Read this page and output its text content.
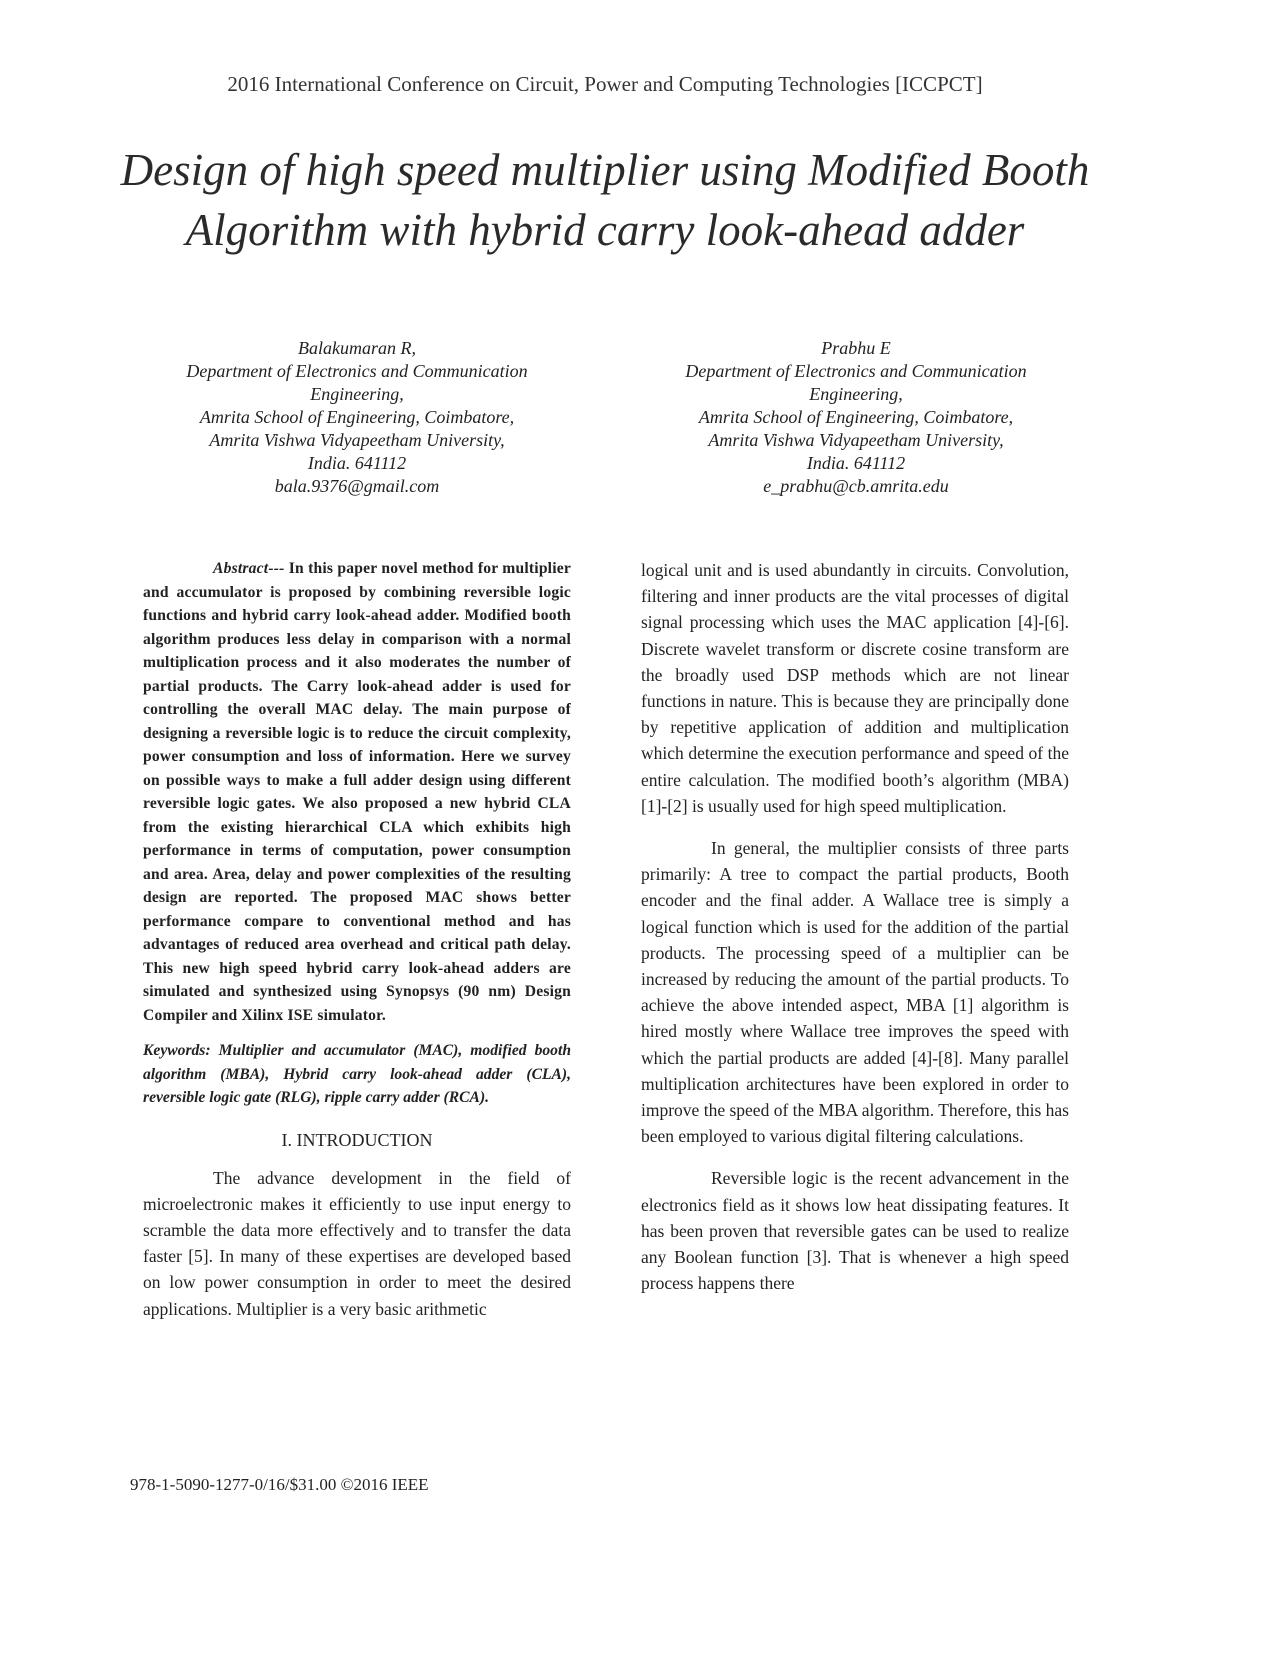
2016 International Conference on Circuit, Power and Computing Technologies [ICCPCT]
Design of high speed multiplier using Modified Booth Algorithm with hybrid carry look-ahead adder
Balakumaran R,
Department of Electronics and Communication
Engineering,
Amrita School of Engineering, Coimbatore,
Amrita Vishwa Vidyapeetham University,
India. 641112
bala.9376@gmail.com
Prabhu E
Department of Electronics and Communication
Engineering,
Amrita School of Engineering, Coimbatore,
Amrita Vishwa Vidyapeetham University,
India. 641112
e_prabhu@cb.amrita.edu

Abstract--- In this paper novel method for multiplier and accumulator is proposed by combining reversible logic functions and hybrid carry look-ahead adder. Modified booth algorithm produces less delay in comparison with a normal multiplication process and it also moderates the number of partial products. The Carry look-ahead adder is used for controlling the overall MAC delay. The main purpose of designing a reversible logic is to reduce the circuit complexity, power consumption and loss of information. Here we survey on possible ways to make a full adder design using different reversible logic gates. We also proposed a new hybrid CLA from the existing hierarchical CLA which exhibits high performance in terms of computation, power consumption and area. Area, delay and power complexities of the resulting design are reported. The proposed MAC shows better performance compare to conventional method and has advantages of reduced area overhead and critical path delay. This new high speed hybrid carry look-ahead adders are simulated and synthesized using Synopsys (90 nm) Design Compiler and Xilinx ISE simulator.

Keywords: Multiplier and accumulator (MAC), modified booth algorithm (MBA), Hybrid carry look-ahead adder (CLA), reversible logic gate (RLG), ripple carry adder (RCA).

I. INTRODUCTION

The advance development in the field of microelectronic makes it efficiently to use input energy to scramble the data more effectively and to transfer the data faster [5]. In many of these expertises are developed based on low power consumption in order to meet the desired applications. Multiplier is a very basic arithmetic

logical unit and is used abundantly in circuits. Convolution, filtering and inner products are the vital processes of digital signal processing which uses the MAC application [4]-[6]. Discrete wavelet transform or discrete cosine transform are the broadly used DSP methods which are not linear functions in nature. This is because they are principally done by repetitive application of addition and multiplication which determine the execution performance and speed of the entire calculation. The modified booth’s algorithm (MBA) [1]-[2] is usually used for high speed multiplication.

In general, the multiplier consists of three parts primarily: A tree to compact the partial products, Booth encoder and the final adder. A Wallace tree is simply a logical function which is used for the addition of the partial products. The processing speed of a multiplier can be increased by reducing the amount of the partial products. To achieve the above intended aspect, MBA [1] algorithm is hired mostly where Wallace tree improves the speed with which the partial products are added [4]-[8]. Many parallel multiplication architectures have been explored in order to improve the speed of the MBA algorithm. Therefore, this has been employed to various digital filtering calculations.

Reversible logic is the recent advancement in the electronics field as it shows low heat dissipating features. It has been proven that reversible gates can be used to realize any Boolean function [3]. That is whenever a high speed process happens there

978-1-5090-1277-0/16/$31.00 ©2016 IEEE
